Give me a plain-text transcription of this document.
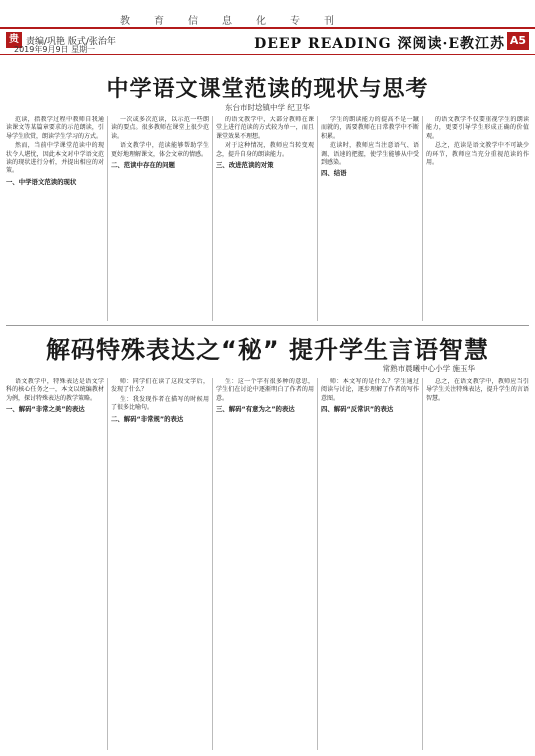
教 育 信 息 化 专 刊
贵 责编/巩艳 版式/张治年
2019年9月9日 星期一	DEEP READING 深阅读·E教江苏 A5
中学语文课堂范读的现状与思考
东台市时埝镇中学 纪卫华

范读，指教学过程中教师自我通读课文等某篇章要求的示范朗读，引导学生欣赏，朗读学生学习的方式。

然而，当前中学课堂范读中的现状令人堪忧，因此本文对中学语文范读的现状进行分析，并提出相应的对策。

一、中学语文范读的现状

一次或多次范读，以示范一些朗读的要点。很多教师在课堂上很少范读。

语文教学中，范读能够帮助学生更好地理解课文，体会文章的情感。

二、范读中存在的问题

的语文教学中，大部分教师在课堂上进行范读的方式较为单一，而且课堂效果不理想。

对于这种情况，教师应当转变观念，提升自身的朗读能力。

三、改进范读的对策

学生的朗读能力的提高不是一蹴而就的，需要教师在日常教学中不断积累。

范读时，教师应当注意语气、语调、语速的把握，使学生能够从中受到感染。

四、结语

的语文教学不仅要重视学生的朗读能力，更要引导学生形成正确的价值观。

总之，范读是语文教学中不可缺少的环节，教师应当充分重视范读的作用。

解码特殊表达之“秘” 提升学生言语智慧
常熟市晨曦中心小学 施玉华

语文教学中，特殊表达是语文学科的核心任务之一，本文以统编教材为例，探讨特殊表达的教学策略。

一、解码“非常之美”的表达

师：同学们在读了这段文字后，发现了什么？

生：我发现作者在描写的时候用了很多比喻句。

二、解码“非常规”的表达

生：这一个字有很多种的意思，学生们在讨论中逐渐明白了作者的用意。

三、解码“有意为之”的表达

师：本文写的是什么？学生通过阅读与讨论，逐步理解了作者的写作意图。

四、解码“反常识”的表达

总之，在语文教学中，教师应当引导学生关注特殊表达，提升学生的言语智慧。
